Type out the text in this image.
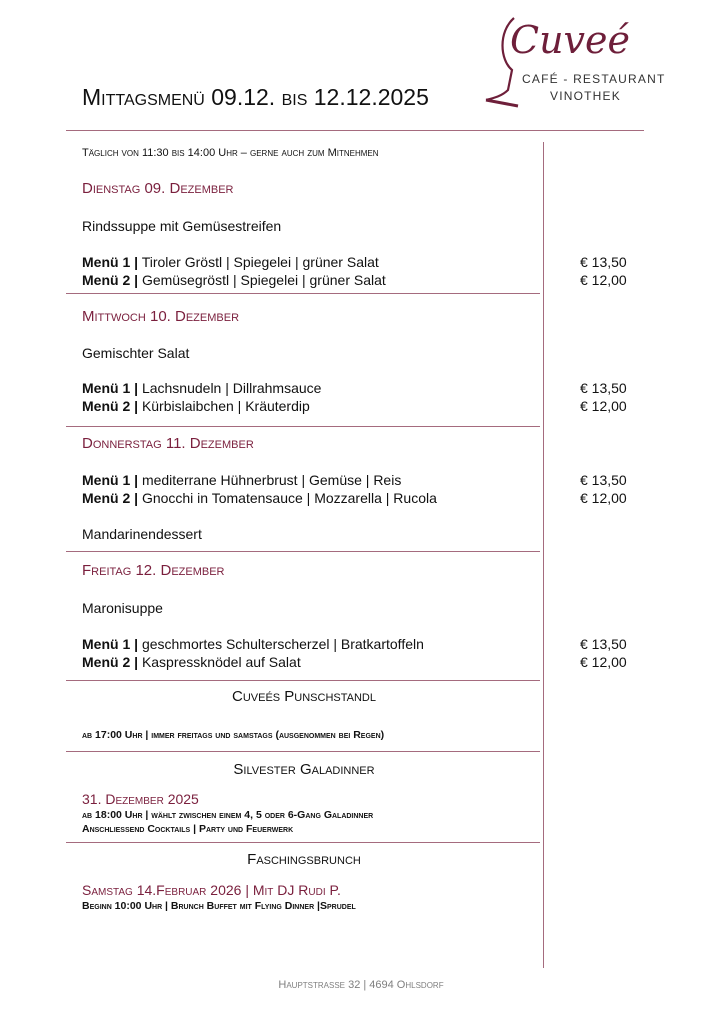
Mittagsmenü 09.12. bis 12.12.2025
Cuveé
CAFÉ - RESTAURANT
VINOTHEK
Täglich von 11:30 bis 14:00 Uhr – gerne auch zum Mitnehmen
Dienstag 09. Dezember
Rindssuppe mit Gemüsestreifen
Menü 1 | Tiroler Gröstl | Spiegelei | grüner Salat	€ 13,50
Menü 2 | Gemüsegröstl | Spiegelei | grüner Salat	€ 12,00
Mittwoch 10. Dezember
Gemischter Salat
Menü 1 | Lachsnudeln | Dillrahmsauce	€ 13,50
Menü 2 | Kürbislaibchen | Kräuterdip	€ 12,00
Donnerstag 11. Dezember
Menü 1 | mediterrane Hühnerbrust | Gemüse | Reis	€ 13,50
Menü 2 | Gnocchi in Tomatensauce | Mozzarella | Rucola	€ 12,00
Mandarinendessert
Freitag 12. Dezember
Maronisuppe
Menü 1 | geschmortes Schulterscherzel | Bratkartoffeln	€ 13,50
Menü 2 | Kaspressknödel auf Salat	€ 12,00
Cuveés Punschstandl
ab 17:00 Uhr | immer freitags und samstags (ausgenommen bei Regen)
Silvester Galadinner
31. Dezember 2025
ab 18:00 Uhr | wählt zwischen einem 4, 5 oder 6-Gang Galadinner
Anschließend Cocktails | Party und Feuerwerk
Faschingsbrunch
Samstag 14.Februar 2026 | Mit DJ Rudi P.
Beginn 10:00 Uhr | Brunch Buffet mit Flying Dinner |Sprudel
Hauptstraße 32 | 4694 Ohlsdorf
